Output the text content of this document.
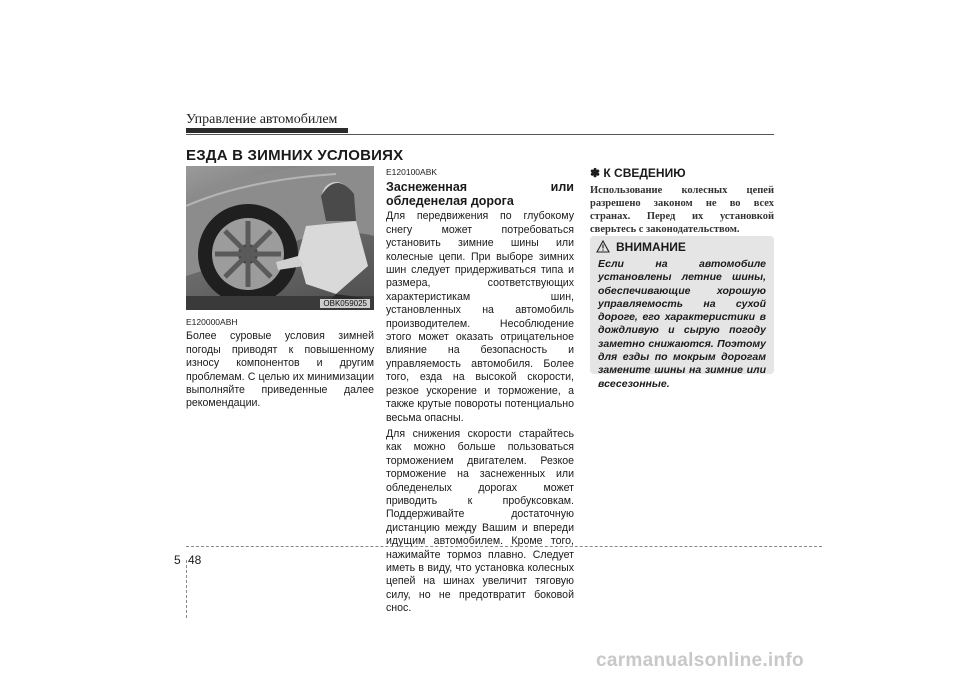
Управление автомобилем
ЕЗДА В ЗИМНИХ УСЛОВИЯХ
OBK059025
E120000ABH
Более суровые условия зимней погоды приводят к повышенному износу компонентов и другим проблемам. С целью их минимизации выполняйте приведенные далее рекомендации.
E120100ABK
Заснеженная или обледенелая дорога
Для передвижения по глубокому снегу может потребоваться установить зимние шины или колесные цепи. При выборе зимних шин следует придерживаться типа и размера, соответствующих характеристикам шин, установленных на автомобиль производителем. Несоблюдение этого может оказать отрицательное влияние на безопасность и управляемость автомобиля. Более того, езда на высокой скорости, резкое ускорение и торможение, а также крутые повороты потенциально весьма опасны.
Для снижения скорости старайтесь как можно больше пользоваться торможением двигателем. Резкое торможение на заснеженных или обледенелых дорогах может приводить к пробуксовкам. Поддерживайте достаточную дистанцию между Вашим и впереди идущим автомобилем. Кроме того, нажимайте тормоз плавно. Следует иметь в виду, что установка колесных цепей на шинах увеличит тяговую силу, но не предотвратит боковой снос.
✽ К СВЕДЕНИЮ
Использование колесных цепей разрешено законом не во всех странах. Перед их установкой сверьтесь с законодательством.
ВНИМАНИЕ
Если на автомобиле установлены летние шины, обеспечивающие хорошую управляемость на сухой дороге, его характеристики в дождливую и сырую погоду заметно снижаются. Поэтому для езды по мокрым дорогам замените шины на зимние или всесезонные.
5 48
carmanualsonline.info
